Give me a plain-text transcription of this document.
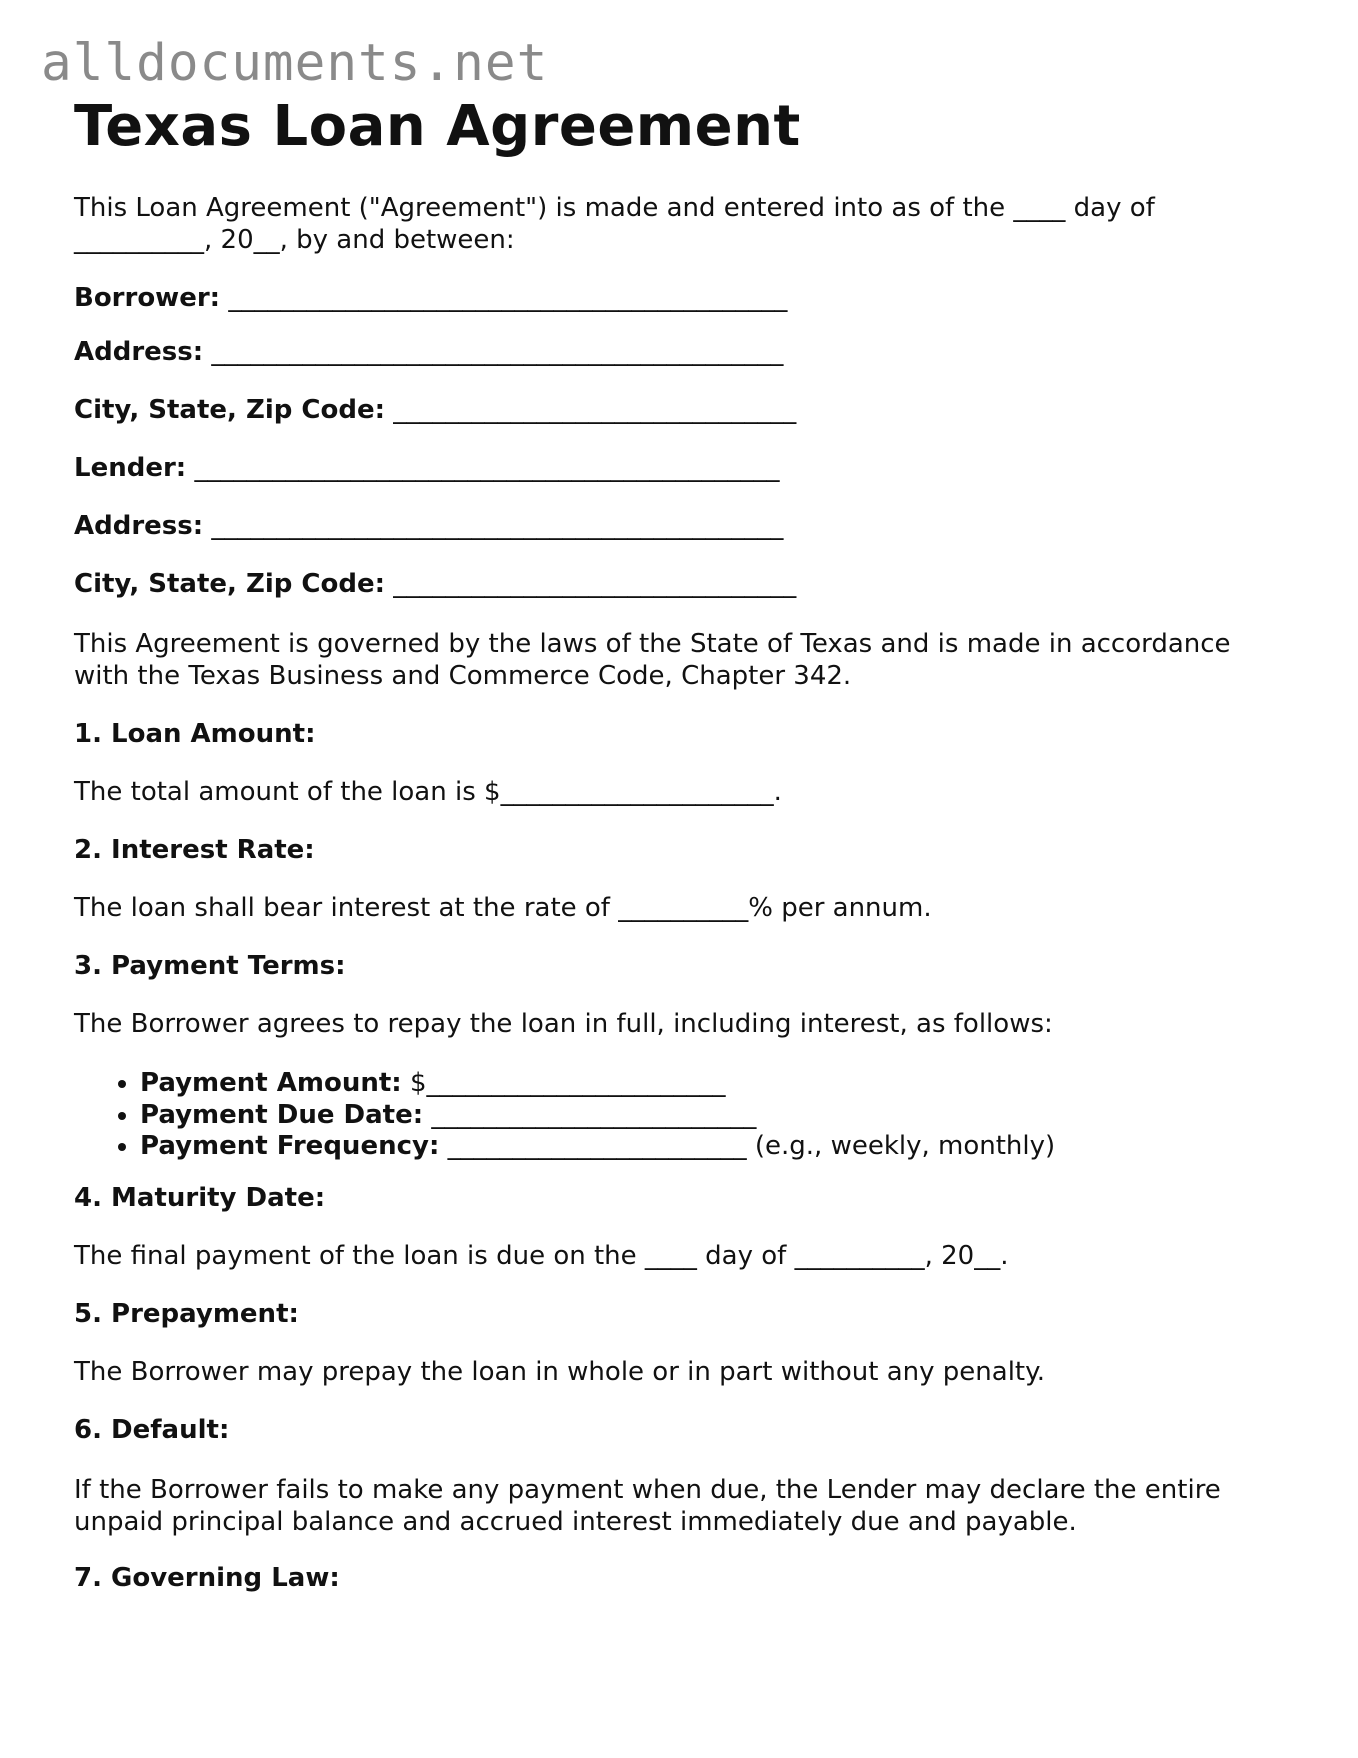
alldocuments.net
Texas Loan Agreement

This Loan Agreement ("Agreement") is made and entered into as of the ____ day of __________, 20__, by and between:

Borrower: ___________________________________________

Address: ____________________________________________

City, State, Zip Code: _______________________________

Lender: _____________________________________________

Address: ____________________________________________

City, State, Zip Code: _______________________________

This Agreement is governed by the laws of the State of Texas and is made in accordance with the Texas Business and Commerce Code, Chapter 342.

1. Loan Amount:

The total amount of the loan is $_____________________.

2. Interest Rate:

The loan shall bear interest at the rate of __________% per annum.

3. Payment Terms:

The Borrower agrees to repay the loan in full, including interest, as follows:

• Payment Amount: $_______________________
• Payment Due Date: _________________________
• Payment Frequency: _______________________ (e.g., weekly, monthly)

4. Maturity Date:

The final payment of the loan is due on the ____ day of __________, 20__.

5. Prepayment:

The Borrower may prepay the loan in whole or in part without any penalty.

6. Default:

If the Borrower fails to make any payment when due, the Lender may declare the entire unpaid principal balance and accrued interest immediately due and payable.

7. Governing Law:
